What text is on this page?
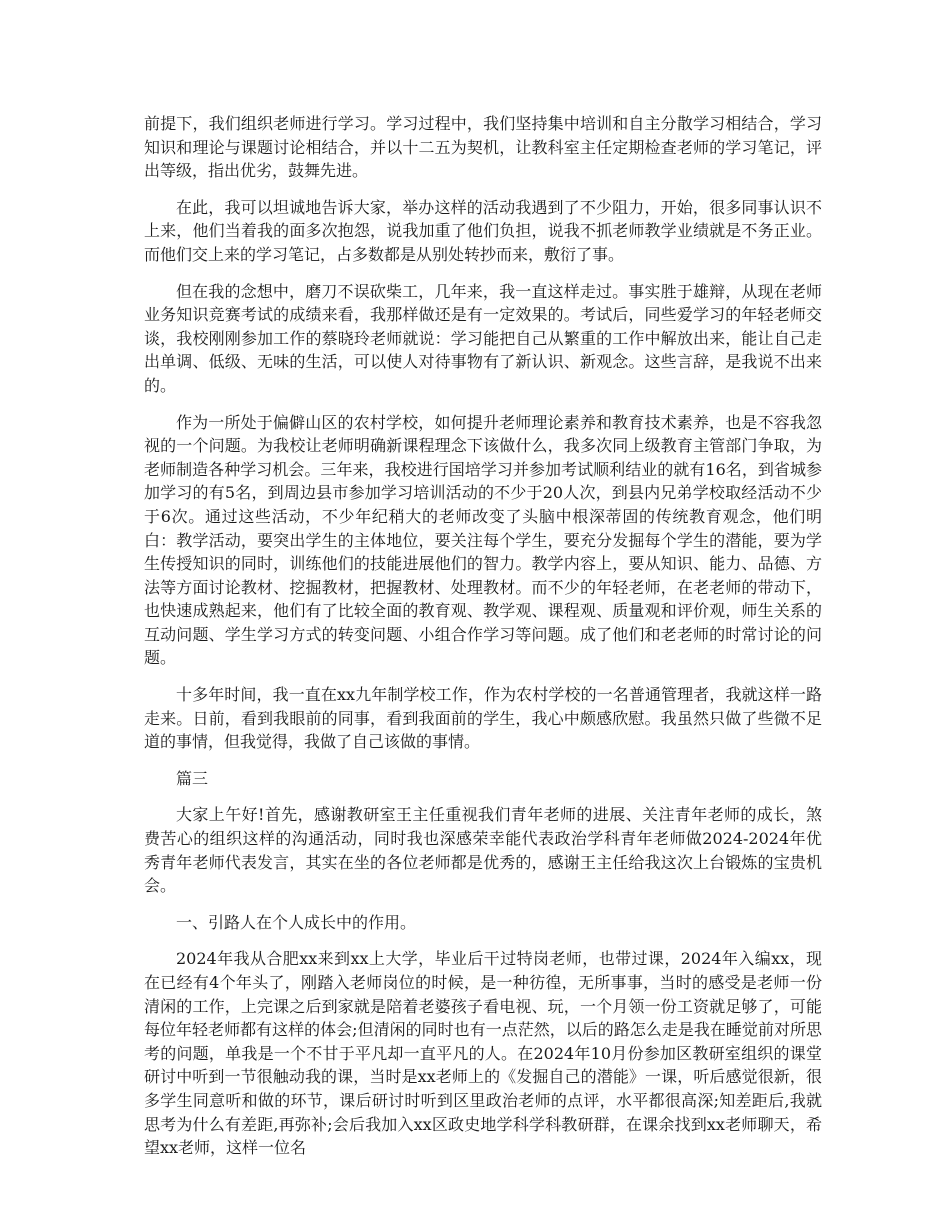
前提下，我们组织老师进行学习。学习过程中，我们坚持集中培训和自主分散学习相结合，学习知识和理论与课题讨论相结合，并以十二五为契机，让教科室主任定期检查老师的学习笔记，评出等级，指出优劣，鼓舞先进。

在此，我可以坦诚地告诉大家，举办这样的活动我遇到了不少阻力，开始，很多同事认识不上来，他们当着我的面多次抱怨，说我加重了他们负担，说我不抓老师教学业绩就是不务正业。而他们交上来的学习笔记，占多数都是从别处转抄而来，敷衍了事。

但在我的念想中，磨刀不误砍柴工，几年来，我一直这样走过。事实胜于雄辩，从现在老师业务知识竞赛考试的成绩来看，我那样做还是有一定效果的。考试后，同些爱学习的年轻老师交谈，我校刚刚参加工作的蔡晓玲老师就说：学习能把自己从繁重的工作中解放出来，能让自己走出单调、低级、无味的生活，可以使人对待事物有了新认识、新观念。这些言辞，是我说不出来的。

作为一所处于偏僻山区的农村学校，如何提升老师理论素养和教育技术素养，也是不容我忽视的一个问题。为我校让老师明确新课程理念下该做什么，我多次同上级教育主管部门争取，为老师制造各种学习机会。三年来，我校进行国培学习并参加考试顺利结业的就有16名，到省城参加学习的有5名，到周边县市参加学习培训活动的不少于20人次，到县内兄弟学校取经活动不少于6次。通过这些活动，不少年纪稍大的老师改变了头脑中根深蒂固的传统教育观念，他们明白：教学活动，要突出学生的主体地位，要关注每个学生，要充分发掘每个学生的潜能，要为学生传授知识的同时，训练他们的技能进展他们的智力。教学内容上，要从知识、能力、品德、方法等方面讨论教材、挖掘教材，把握教材、处理教材。而不少的年轻老师，在老老师的带动下，也快速成熟起来，他们有了比较全面的教育观、教学观、课程观、质量观和评价观，师生关系的互动问题、学生学习方式的转变问题、小组合作学习等问题。成了他们和老老师的时常讨论的问题。

十多年时间，我一直在xx九年制学校工作，作为农村学校的一名普通管理者，我就这样一路走来。日前，看到我眼前的同事，看到我面前的学生，我心中颇感欣慰。我虽然只做了些微不足道的事情，但我觉得，我做了自己该做的事情。

篇三

大家上午好!首先，感谢教研室王主任重视我们青年老师的进展、关注青年老师的成长，煞费苦心的组织这样的沟通活动，同时我也深感荣幸能代表政治学科青年老师做2024-2024年优秀青年老师代表发言，其实在坐的各位老师都是优秀的，感谢王主任给我这次上台锻炼的宝贵机会。

一、引路人在个人成长中的作用。

2024年我从合肥xx来到xx上大学，毕业后干过特岗老师，也带过课，2024年入编xx，现在已经有4个年头了，刚踏入老师岗位的时候，是一种彷徨，无所事事，当时的感受是老师一份清闲的工作，上完课之后到家就是陪着老婆孩子看电视、玩，一个月领一份工资就足够了，可能每位年轻老师都有这样的体会;但清闲的同时也有一点茫然，以后的路怎么走是我在睡觉前对所思考的问题，单我是一个不甘于平凡却一直平凡的人。在2024年10月份参加区教研室组织的课堂研讨中听到一节很触动我的课，当时是xx老师上的《发掘自己的潜能》一课，听后感觉很新，很多学生同意听和做的环节，课后研讨时听到区里政治老师的点评，水平都很高深;知差距后,我就思考为什么有差距,再弥补;会后我加入xx区政史地学科学科教研群，在课余找到xx老师聊天，希望xx老师，这样一位名
